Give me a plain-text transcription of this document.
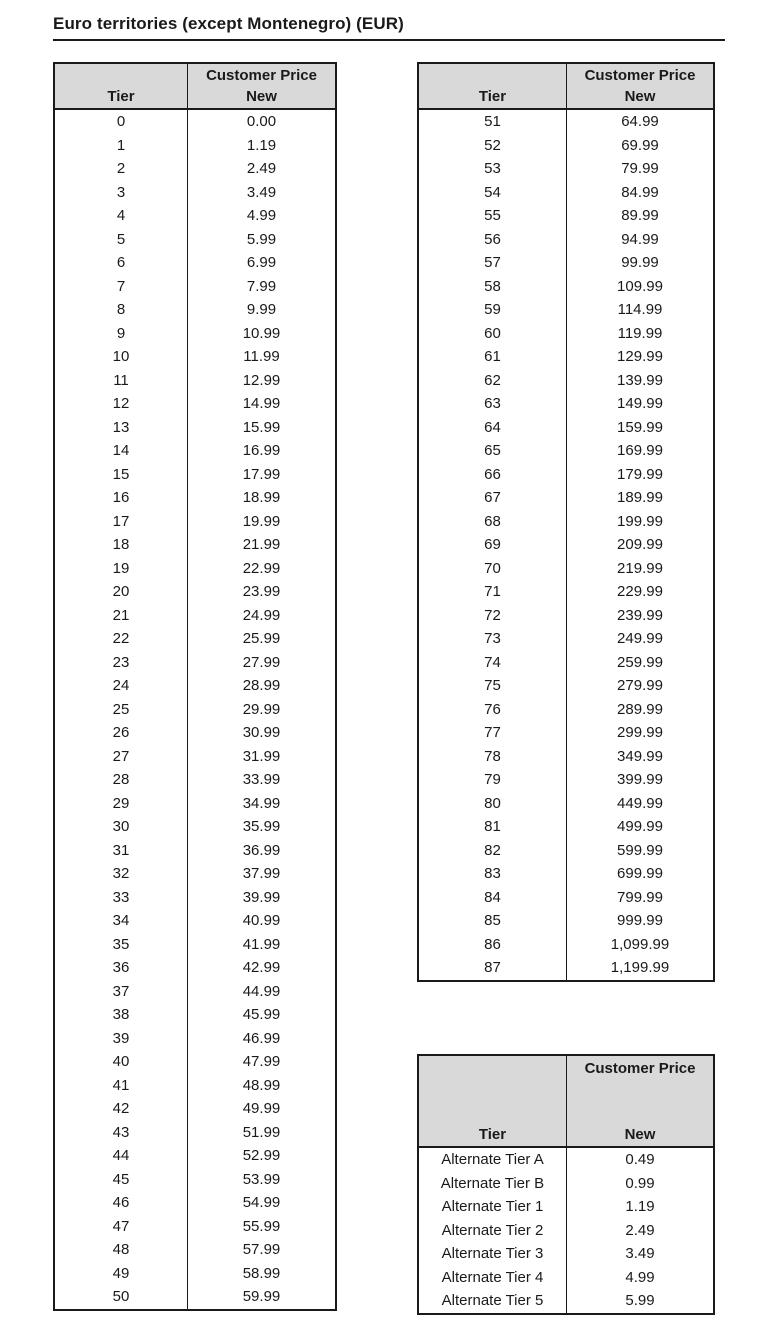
Euro territories (except Montenegro) (EUR)
Tier
Customer Price
New
0	0.00
1	1.19
2	2.49
3	3.49
4	4.99
5	5.99
6	6.99
7	7.99
8	9.99
9	10.99
10	11.99
11	12.99
12	14.99
13	15.99
14	16.99
15	17.99
16	18.99
17	19.99
18	21.99
19	22.99
20	23.99
21	24.99
22	25.99
23	27.99
24	28.99
25	29.99
26	30.99
27	31.99
28	33.99
29	34.99
30	35.99
31	36.99
32	37.99
33	39.99
34	40.99
35	41.99
36	42.99
37	44.99
38	45.99
39	46.99
40	47.99
41	48.99
42	49.99
43	51.99
44	52.99
45	53.99
46	54.99
47	55.99
48	57.99
49	58.99
50	59.99
Tier
Customer Price
New
51	64.99
52	69.99
53	79.99
54	84.99
55	89.99
56	94.99
57	99.99
58	109.99
59	114.99
60	119.99
61	129.99
62	139.99
63	149.99
64	159.99
65	169.99
66	179.99
67	189.99
68	199.99
69	209.99
70	219.99
71	229.99
72	239.99
73	249.99
74	259.99
75	279.99
76	289.99
77	299.99
78	349.99
79	399.99
80	449.99
81	499.99
82	599.99
83	699.99
84	799.99
85	999.99
86	1,099.99
87	1,199.99
Tier
Customer Price
New
Alternate Tier A	0.49
Alternate Tier B	0.99
Alternate Tier 1	1.19
Alternate Tier 2	2.49
Alternate Tier 3	3.49
Alternate Tier 4	4.99
Alternate Tier 5	5.99
